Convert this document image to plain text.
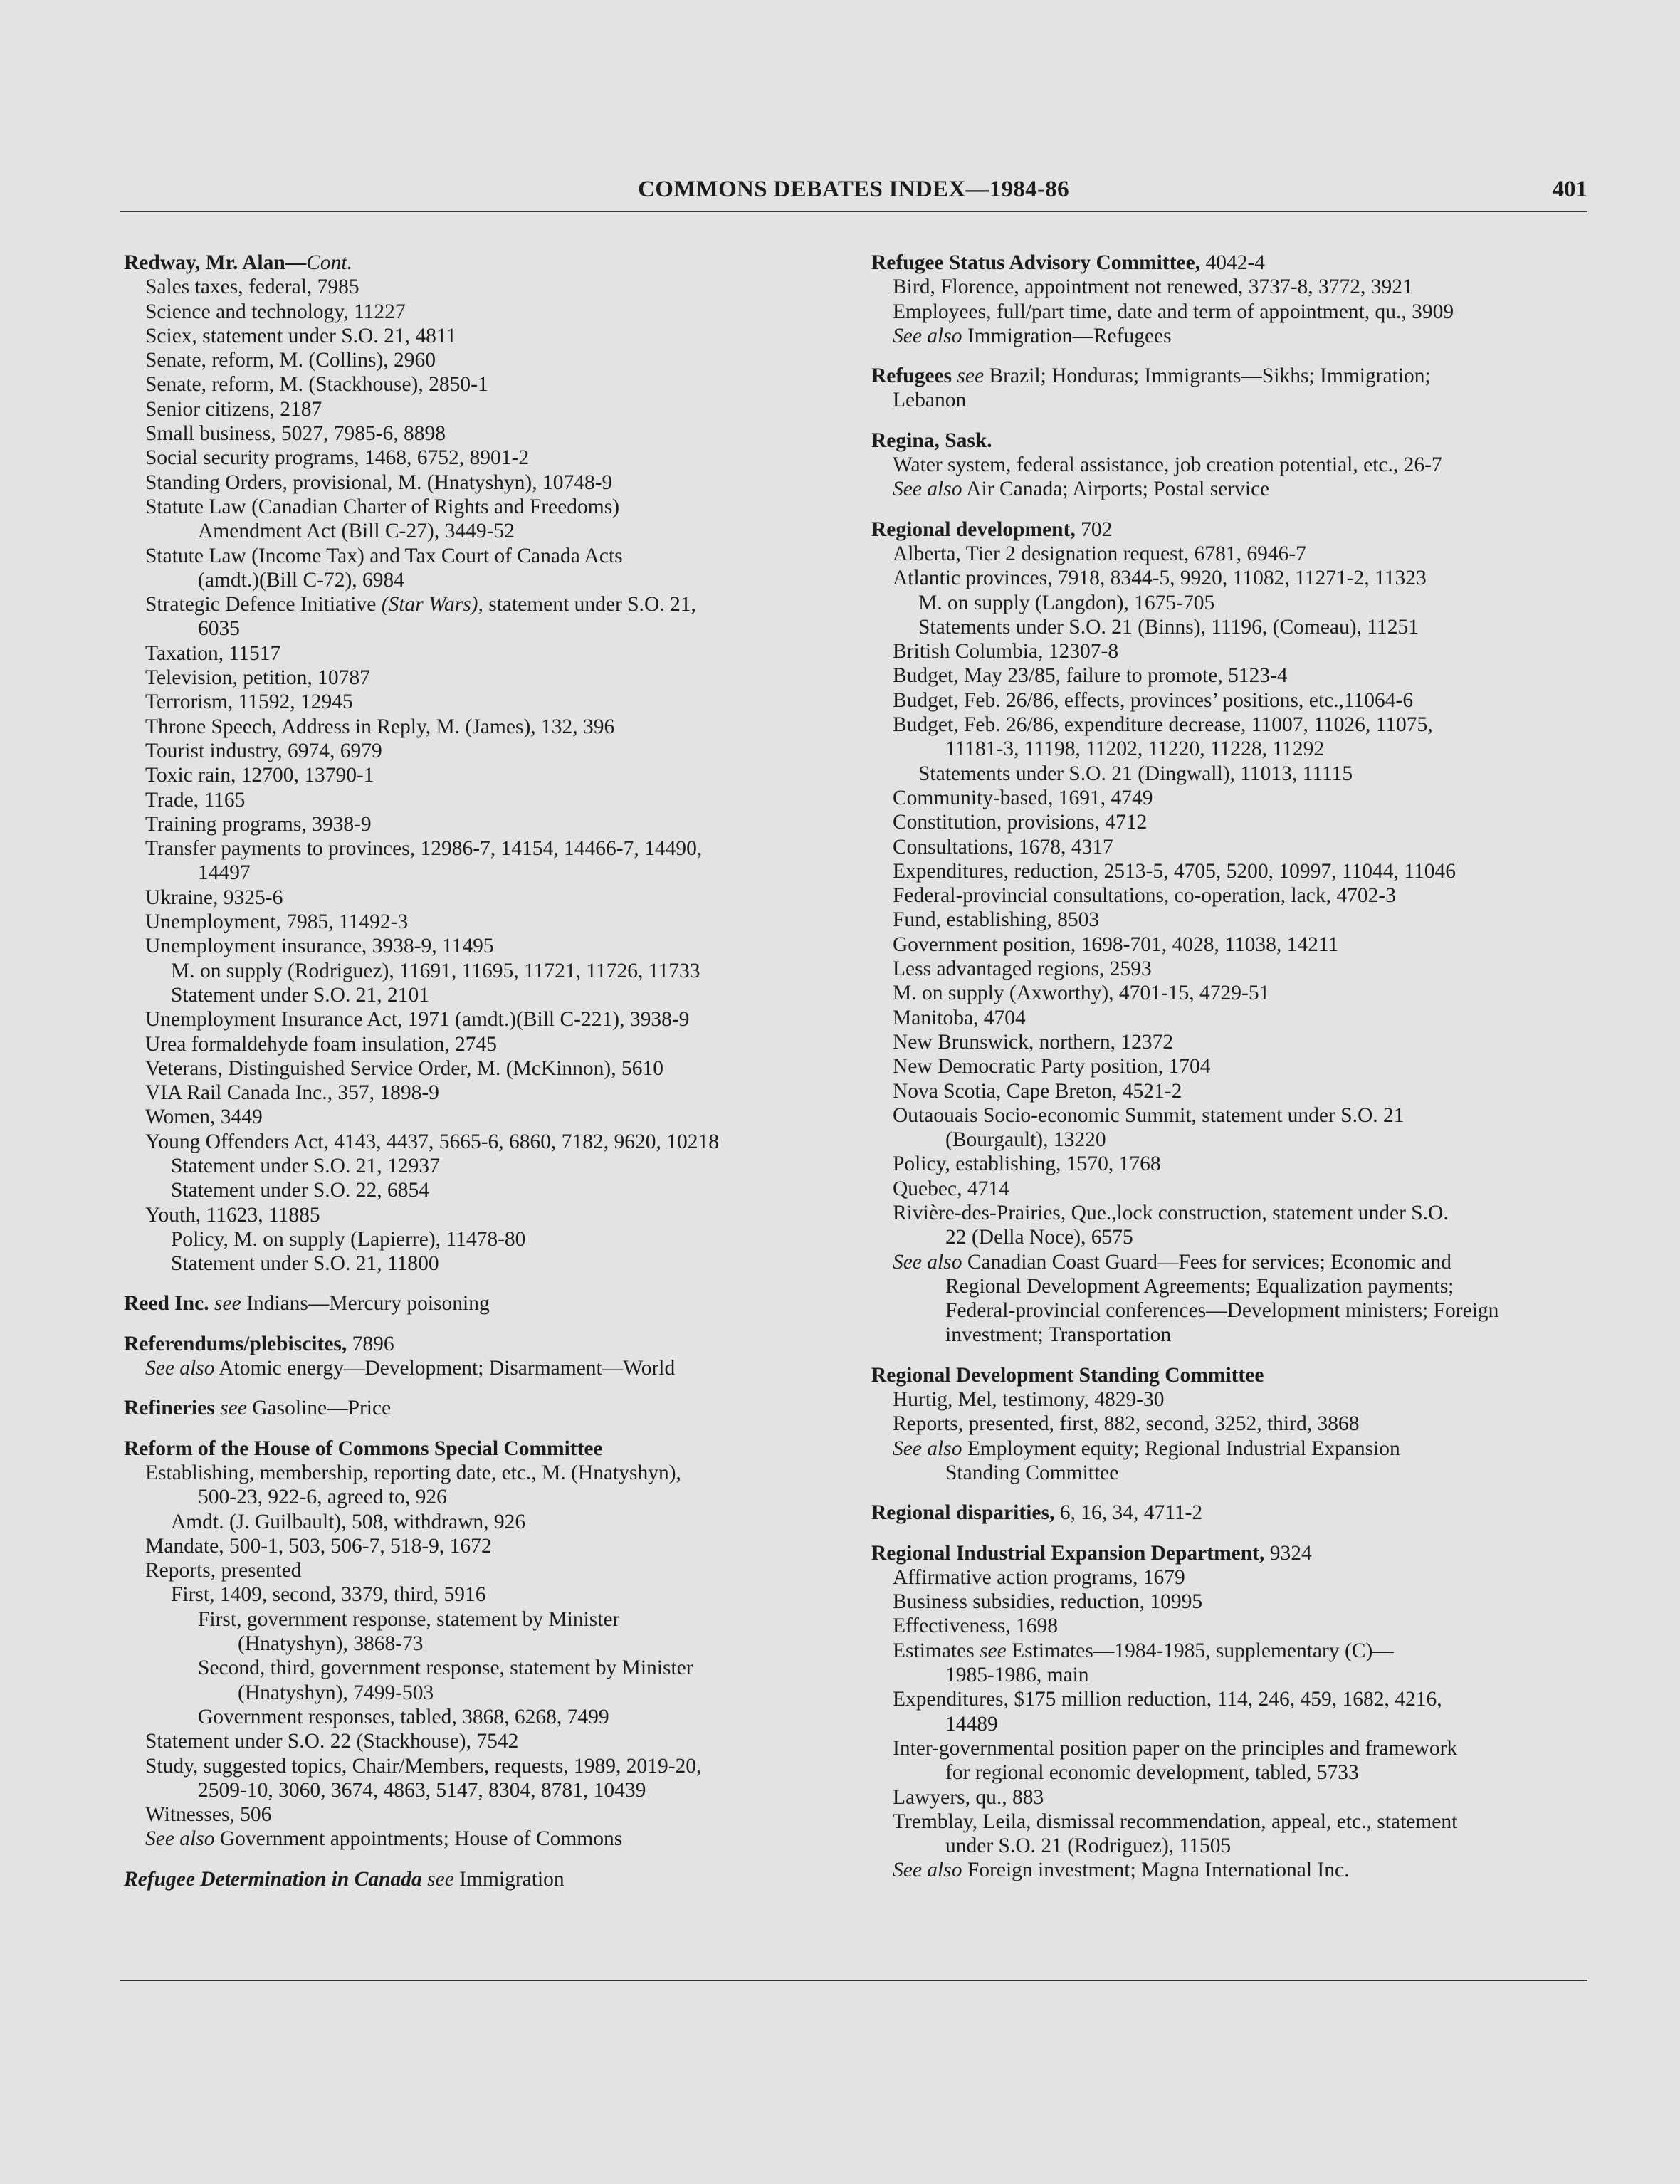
COMMONS DEBATES INDEX—1984-86	401
Redway, Mr. Alan—Cont.
Sales taxes, federal, 7985
Science and technology, 11227
Sciex, statement under S.O. 21, 4811
Senate, reform, M. (Collins), 2960
Senate, reform, M. (Stackhouse), 2850-1
Senior citizens, 2187
Small business, 5027, 7985-6, 8898
Social security programs, 1468, 6752, 8901-2
Standing Orders, provisional, M. (Hnatyshyn), 10748-9
Statute Law (Canadian Charter of Rights and Freedoms)
Amendment Act (Bill C-27), 3449-52
Statute Law (Income Tax) and Tax Court of Canada Acts
(amdt.)(Bill C-72), 6984
Strategic Defence Initiative (Star Wars), statement under S.O. 21,
6035
Taxation, 11517
Television, petition, 10787
Terrorism, 11592, 12945
Throne Speech, Address in Reply, M. (James), 132, 396
Tourist industry, 6974, 6979
Toxic rain, 12700, 13790-1
Trade, 1165
Training programs, 3938-9
Transfer payments to provinces, 12986-7, 14154, 14466-7, 14490,
14497
Ukraine, 9325-6
Unemployment, 7985, 11492-3
Unemployment insurance, 3938-9, 11495
M. on supply (Rodriguez), 11691, 11695, 11721, 11726, 11733
Statement under S.O. 21, 2101
Unemployment Insurance Act, 1971 (amdt.)(Bill C-221), 3938-9
Urea formaldehyde foam insulation, 2745
Veterans, Distinguished Service Order, M. (McKinnon), 5610
VIA Rail Canada Inc., 357, 1898-9
Women, 3449
Young Offenders Act, 4143, 4437, 5665-6, 6860, 7182, 9620, 10218
Statement under S.O. 21, 12937
Statement under S.O. 22, 6854
Youth, 11623, 11885
Policy, M. on supply (Lapierre), 11478-80
Statement under S.O. 21, 11800
Reed Inc. see Indians—Mercury poisoning
Referendums/plebiscites, 7896
See also Atomic energy—Development; Disarmament—World
Refineries see Gasoline—Price
Reform of the House of Commons Special Committee
Establishing, membership, reporting date, etc., M. (Hnatyshyn),
500-23, 922-6, agreed to, 926
Amdt. (J. Guilbault), 508, withdrawn, 926
Mandate, 500-1, 503, 506-7, 518-9, 1672
Reports, presented
First, 1409, second, 3379, third, 5916
First, government response, statement by Minister
(Hnatyshyn), 3868-73
Second, third, government response, statement by Minister
(Hnatyshyn), 7499-503
Government responses, tabled, 3868, 6268, 7499
Statement under S.O. 22 (Stackhouse), 7542
Study, suggested topics, Chair/Members, requests, 1989, 2019-20,
2509-10, 3060, 3674, 4863, 5147, 8304, 8781, 10439
Witnesses, 506
See also Government appointments; House of Commons
Refugee Determination in Canada see Immigration
Refugee Status Advisory Committee, 4042-4
Bird, Florence, appointment not renewed, 3737-8, 3772, 3921
Employees, full/part time, date and term of appointment, qu., 3909
See also Immigration—Refugees
Refugees see Brazil; Honduras; Immigrants—Sikhs; Immigration;
Lebanon
Regina, Sask.
Water system, federal assistance, job creation potential, etc., 26-7
See also Air Canada; Airports; Postal service
Regional development, 702
Alberta, Tier 2 designation request, 6781, 6946-7
Atlantic provinces, 7918, 8344-5, 9920, 11082, 11271-2, 11323
M. on supply (Langdon), 1675-705
Statements under S.O. 21 (Binns), 11196, (Comeau), 11251
British Columbia, 12307-8
Budget, May 23/85, failure to promote, 5123-4
Budget, Feb. 26/86, effects, provinces’ positions, etc.,11064-6
Budget, Feb. 26/86, expenditure decrease, 11007, 11026, 11075,
11181-3, 11198, 11202, 11220, 11228, 11292
Statements under S.O. 21 (Dingwall), 11013, 11115
Community-based, 1691, 4749
Constitution, provisions, 4712
Consultations, 1678, 4317
Expenditures, reduction, 2513-5, 4705, 5200, 10997, 11044, 11046
Federal-provincial consultations, co-operation, lack, 4702-3
Fund, establishing, 8503
Government position, 1698-701, 4028, 11038, 14211
Less advantaged regions, 2593
M. on supply (Axworthy), 4701-15, 4729-51
Manitoba, 4704
New Brunswick, northern, 12372
New Democratic Party position, 1704
Nova Scotia, Cape Breton, 4521-2
Outaouais Socio-economic Summit, statement under S.O. 21
(Bourgault), 13220
Policy, establishing, 1570, 1768
Quebec, 4714
Rivière-des-Prairies, Que.,lock construction, statement under S.O.
22 (Della Noce), 6575
See also Canadian Coast Guard—Fees for services; Economic and
Regional Development Agreements; Equalization payments;
Federal-provincial conferences—Development ministers; Foreign
investment; Transportation
Regional Development Standing Committee
Hurtig, Mel, testimony, 4829-30
Reports, presented, first, 882, second, 3252, third, 3868
See also Employment equity; Regional Industrial Expansion
Standing Committee
Regional disparities, 6, 16, 34, 4711-2
Regional Industrial Expansion Department, 9324
Affirmative action programs, 1679
Business subsidies, reduction, 10995
Effectiveness, 1698
Estimates see Estimates—1984-1985, supplementary (C)—
1985-1986, main
Expenditures, $175 million reduction, 114, 246, 459, 1682, 4216,
14489
Inter-governmental position paper on the principles and framework
for regional economic development, tabled, 5733
Lawyers, qu., 883
Tremblay, Leila, dismissal recommendation, appeal, etc., statement
under S.O. 21 (Rodriguez), 11505
See also Foreign investment; Magna International Inc.
